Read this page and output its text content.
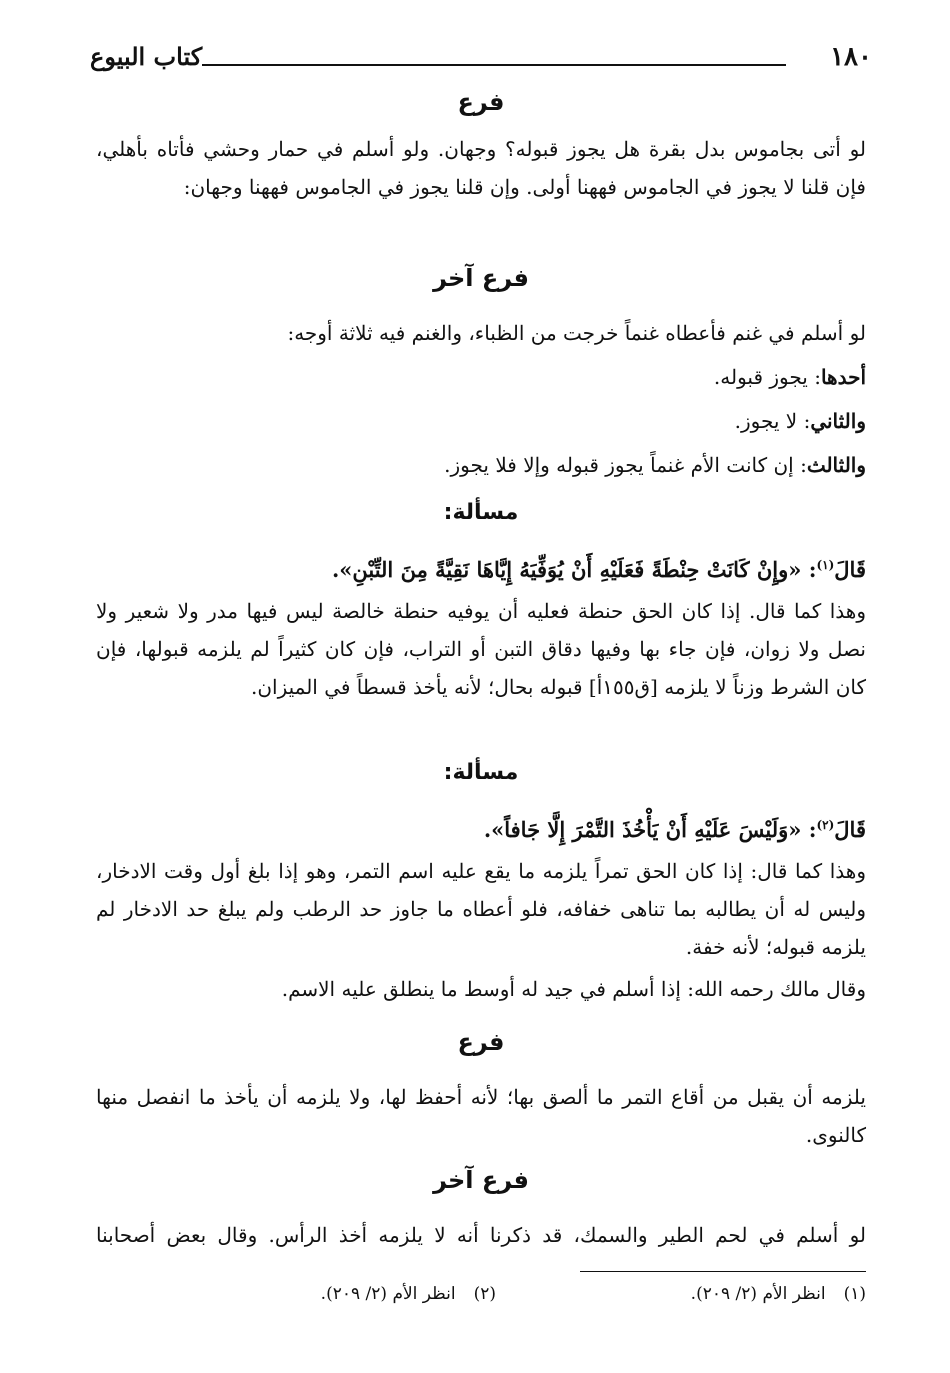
١٨٠
كتاب البيوع
فرع

لو أتى بجاموس بدل بقرة هل يجوز قبوله؟ وجهان. ولو أسلم في حمار وحشي فأتاه بأهلي، فإن قلنا لا يجوز في الجاموس فههنا أولى. وإن قلنا يجوز في الجاموس فههنا وجهان:

فرع آخر

لو أسلم في غنم فأعطاه غنماً خرجت من الظباء، والغنم فيه ثلاثة أوجه:

أحدها: يجوز قبوله.

والثاني: لا يجوز.

والثالث: إن كانت الأم غنماً يجوز قبوله وإلا فلا يجوز.

مسألة:

قَالَ$^{(١)}$: «وإِنْ كَانَتْ حِنْطَةً فَعَلَيْهِ أَنْ يُوَفِّيَهُ إِيَّاهَا نَقِيَّةً مِنَ التِّبْنِ».

وهذا كما قال. إذا كان الحق حنطة فعليه أن يوفيه حنطة خالصة ليس فيها مدر ولا شعير ولا نصل ولا زوان، فإن جاء بها وفيها دقاق التبن أو التراب، فإن كان كثيراً لم يلزمه قبولها، فإن كان الشرط وزناً لا يلزمه [ق١٥٥أ] قبوله بحال؛ لأنه يأخذ قسطاً في الميزان.

مسألة:

قَالَ$^{(٢)}$: «وَلَيْسَ عَلَيْهِ أَنْ يَأْخُذَ التَّمْرَ إِلَّا جَافاً».

وهذا كما قال: إذا كان الحق تمراً يلزمه ما يقع عليه اسم التمر، وهو إذا بلغ أول وقت الادخار، وليس له أن يطالبه بما تناهى خفافه، فلو أعطاه ما جاوز حد الرطب ولم يبلغ حد الادخار لم يلزمه قبوله؛ لأنه خفة.

وقال مالك رحمه الله: إذا أسلم في جيد له أوسط ما ينطلق عليه الاسم.

فرع

يلزمه أن يقبل من أقاع التمر ما ألصق بها؛ لأنه أحفظ لها، ولا يلزمه أن يأخذ ما انفصل منها كالنوى.

فرع آخر

لو أسلم في لحم الطير والسمك، قد ذكرنا أنه لا يلزمه أخذ الرأس. وقال بعض أصحابنا

(١)انظر الأم (٢/ ٢٠٩).
(٢)انظر الأم (٢/ ٢٠٩).
